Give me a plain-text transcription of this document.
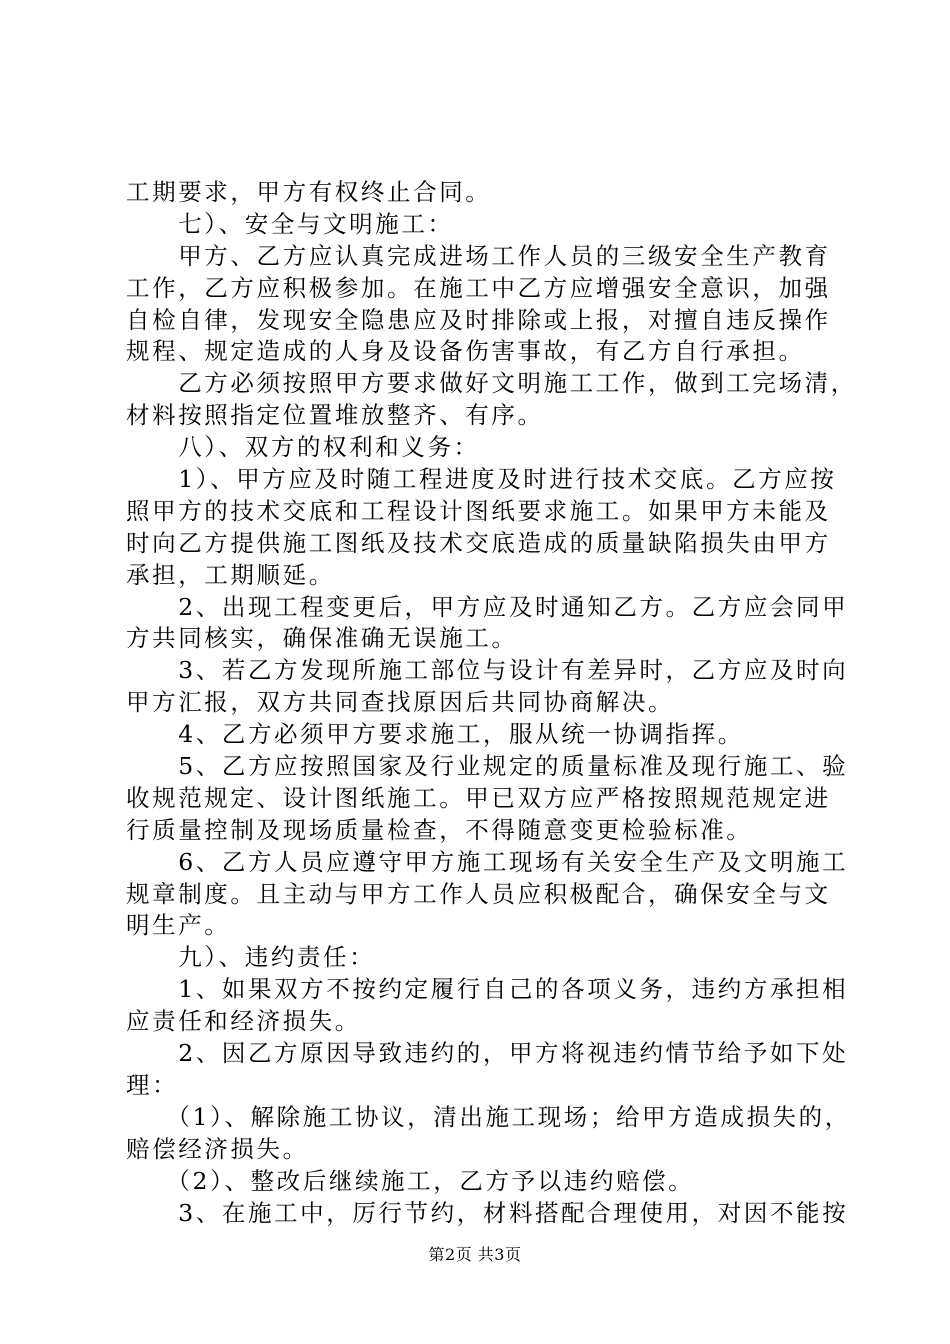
工期要求，甲方有权终止合同。
　　七）、安全与文明施工：
　　甲方、乙方应认真完成进场工作人员的三级安全生产教育
工作，乙方应积极参加。在施工中乙方应增强安全意识，加强
自检自律，发现安全隐患应及时排除或上报，对擅自违反操作
规程、规定造成的人身及设备伤害事故，有乙方自行承担。
　　乙方必须按照甲方要求做好文明施工工作，做到工完场清，
材料按照指定位置堆放整齐、有序。
　　八）、双方的权利和义务：
　　1）、甲方应及时随工程进度及时进行技术交底。乙方应按
照甲方的技术交底和工程设计图纸要求施工。如果甲方未能及
时向乙方提供施工图纸及技术交底造成的质量缺陷损失由甲方
承担，工期顺延。
　　2、出现工程变更后，甲方应及时通知乙方。乙方应会同甲
方共同核实，确保准确无误施工。
　　3、若乙方发现所施工部位与设计有差异时，乙方应及时向
甲方汇报，双方共同查找原因后共同协商解决。
　　4、乙方必须甲方要求施工，服从统一协调指挥。
　　5、乙方应按照国家及行业规定的质量标准及现行施工、验
收规范规定、设计图纸施工。甲已双方应严格按照规范规定进
行质量控制及现场质量检查，不得随意变更检验标准。
　　6、乙方人员应遵守甲方施工现场有关安全生产及文明施工
规章制度。且主动与甲方工作人员应积极配合，确保安全与文
明生产。
　　九）、违约责任：
　　1、如果双方不按约定履行自己的各项义务，违约方承担相
应责任和经济损失。
　　2、因乙方原因导致违约的，甲方将视违约情节给予如下处
理：
　　（1）、解除施工协议，清出施工现场；给甲方造成损失的，
赔偿经济损失。
　　（2）、整改后继续施工，乙方予以违约赔偿。
　　3、在施工中，厉行节约，材料搭配合理使用，对因不能按
第2页 共3页
